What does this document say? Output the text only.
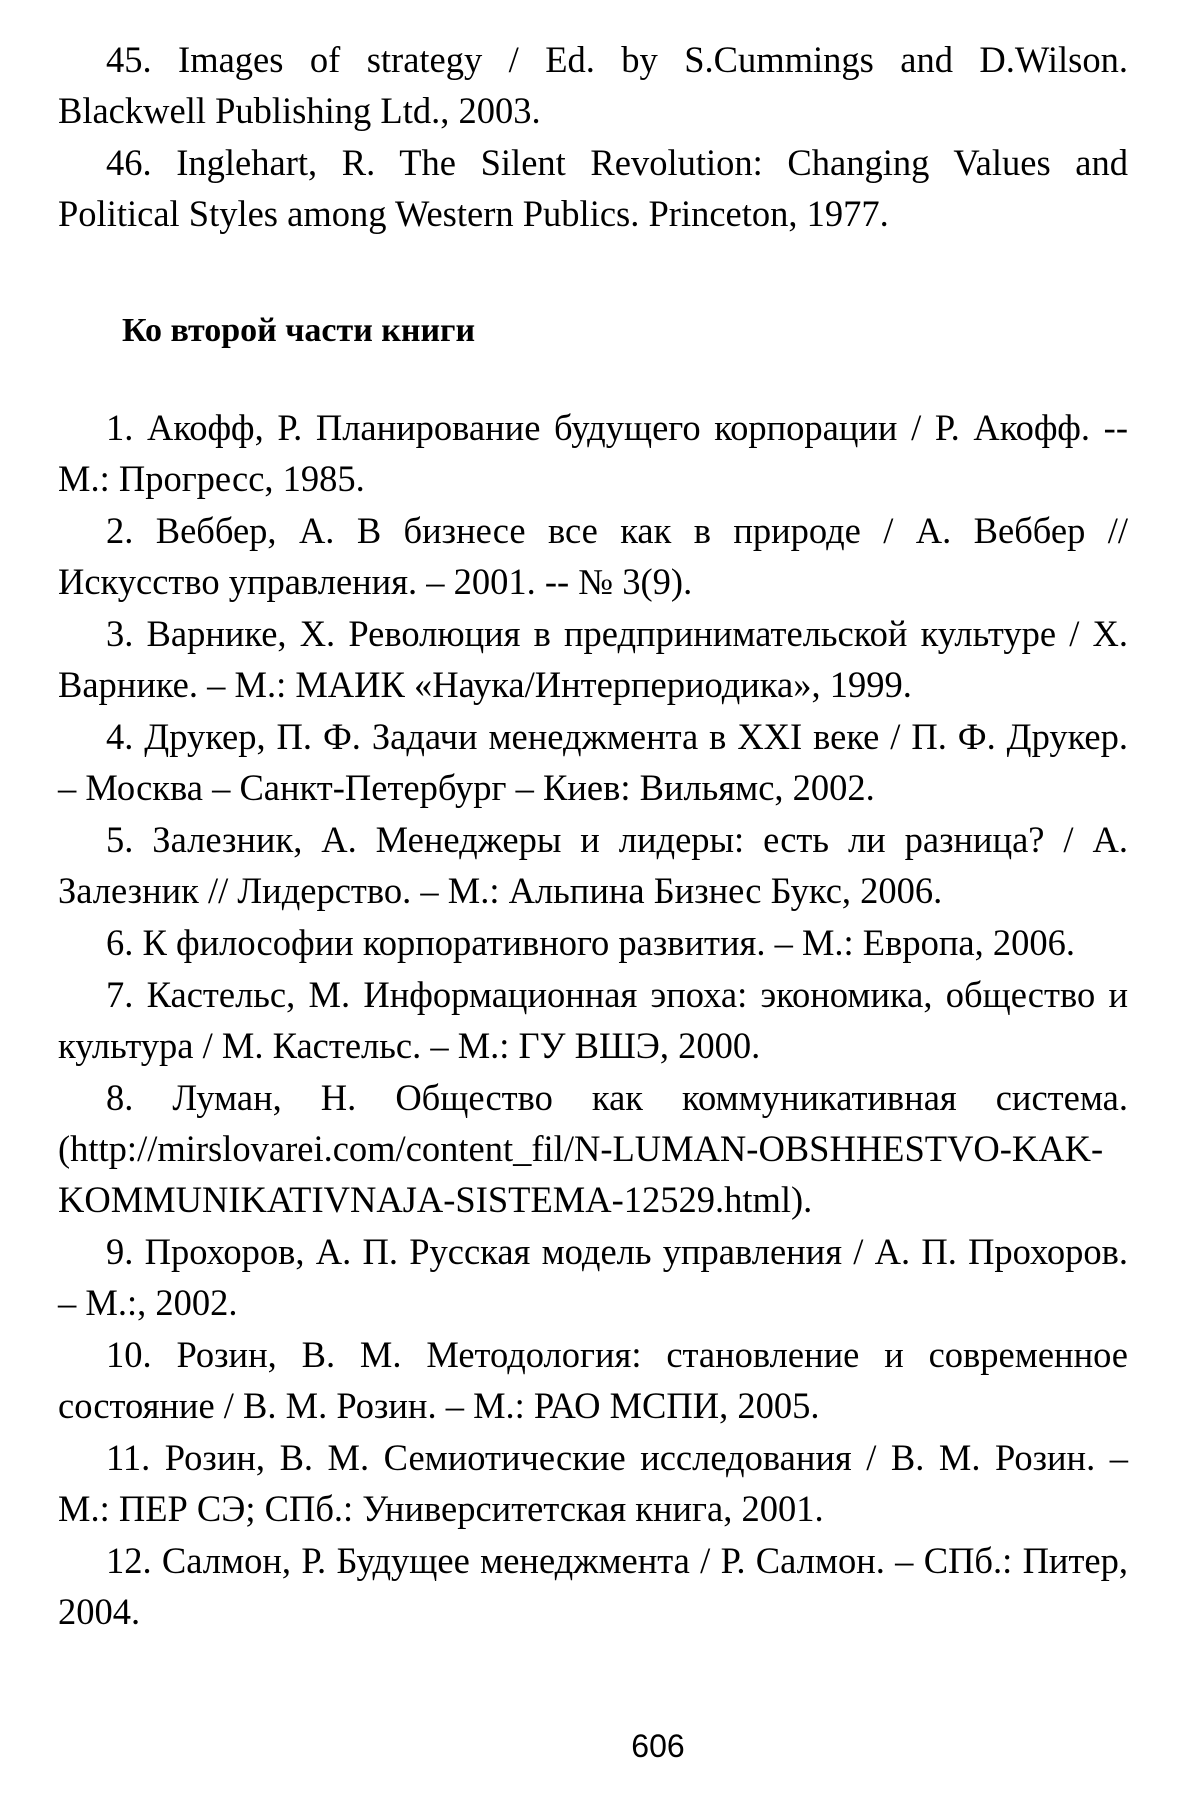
45. Images of strategy / Ed. by S.Cummings and D.Wilson. Blackwell Publishing Ltd., 2003.

46. Inglehart, R. The Silent Revolution: Changing Values and Political Styles among Western Publics. Princeton, 1977.

Ко второй части книги

1. Акофф, Р. Планирование будущего корпорации / Р. Акофф. -- М.: Прогресс, 1985.

2. Веббер, А. В бизнесе все как в природе / А. Веббер // Искусство управления. – 2001. -- № 3(9).

3. Варнике, Х. Революция в предпринимательской культуре / Х. Варнике. – М.: МАИК «Наука/Интерпериодика», 1999.

4. Друкер, П. Ф. Задачи менеджмента в XXI веке / П. Ф. Друкер. – Москва – Санкт-Петербург – Киев: Вильямс, 2002.

5. Залезник, А. Менеджеры и лидеры: есть ли разница? / А. Залезник // Лидерство. – М.: Альпина Бизнес Букс, 2006.

6. К философии корпоративного развития. – М.: Европа, 2006.

7. Кастельс, М. Информационная эпоха: экономика, общество и культура / М. Кастельс. – М.: ГУ ВШЭ, 2000.

8. Луман, Н. Общество как коммуникативная система. (http://mirslovarei.com/content_fil/N-LUMAN-OBSHHESTVO-KAK-KOMMUNIKATIVNAJA-SISTEMA-12529.html).

9. Прохоров, А. П. Русская модель управления / А. П. Прохоров. – М.:, 2002.

10. Розин, В. М. Методология: становление и современное состояние / В. М. Розин. – М.: РАО МСПИ, 2005.

11. Розин, В. М. Семиотические исследования / В. М. Розин. – М.: ПЕР СЭ; СПб.: Университетская книга, 2001.

12. Салмон, Р. Будущее менеджмента / Р. Салмон. – СПб.: Питер, 2004.

606
